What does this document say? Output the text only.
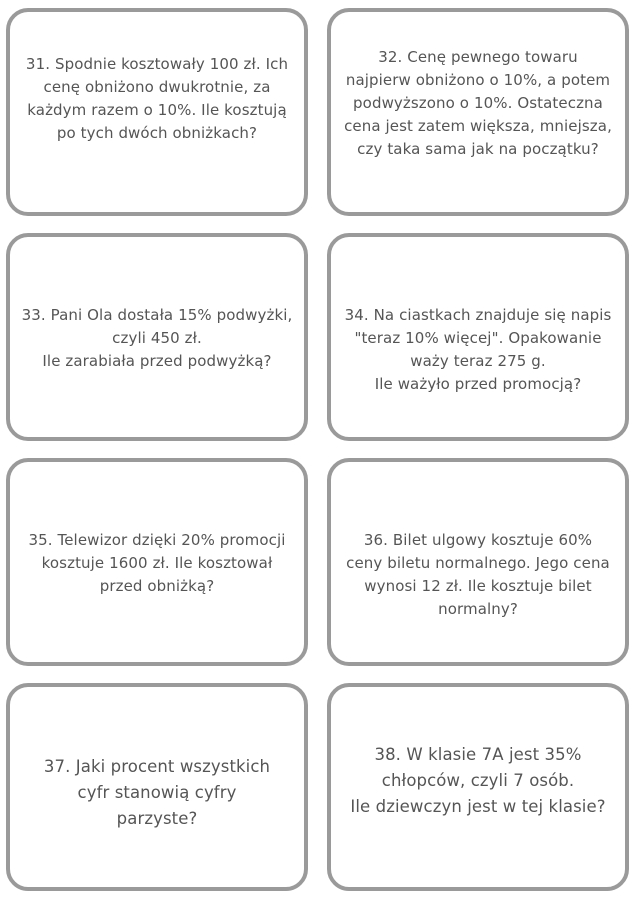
31. Spodnie kosztowały 100 zł. Ich
cenę obniżono dwukrotnie, za
każdym razem o 10%. Ile kosztują
po tych dwóch obniżkach?
32. Cenę pewnego towaru
najpierw obniżono o 10%, a potem
podwyższono o 10%. Ostateczna
cena jest zatem większa, mniejsza,
czy taka sama jak na początku?
33. Pani Ola dostała 15% podwyżki,
czyli 450 zł.
Ile zarabiała przed podwyżką?
34. Na ciastkach znajduje się napis
"teraz 10% więcej". Opakowanie
waży teraz 275 g.
Ile ważyło przed promocją?
35. Telewizor dzięki 20% promocji
kosztuje 1600 zł. Ile kosztował
przed obniżką?
36. Bilet ulgowy kosztuje 60%
ceny biletu normalnego. Jego cena
wynosi 12 zł. Ile kosztuje bilet
normalny?
37. Jaki procent wszystkich
cyfr stanowią cyfry
parzyste?
38. W klasie 7A jest 35%
chłopców, czyli 7 osób.
Ile dziewczyn jest w tej klasie?
